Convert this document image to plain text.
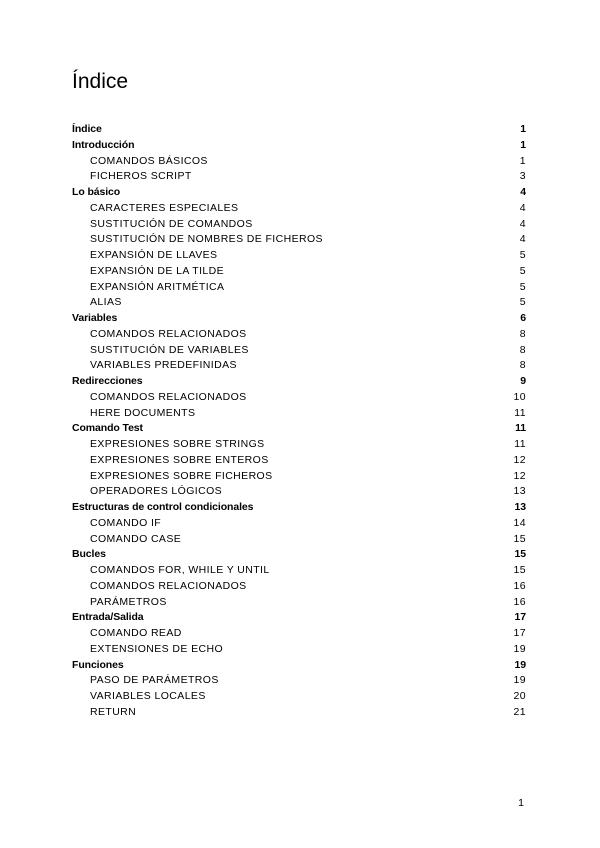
Índice
Índice	1
Introducción	1
COMANDOS BÁSICOS	1
FICHEROS SCRIPT	3
Lo básico	4
CARACTERES ESPECIALES	4
SUSTITUCIÓN DE COMANDOS	4
SUSTITUCIÓN DE NOMBRES DE FICHEROS	4
EXPANSIÓN DE LLAVES	5
EXPANSIÓN DE LA TILDE	5
EXPANSIÓN ARITMÉTICA	5
ALIAS	5
Variables	6
COMANDOS RELACIONADOS	8
SUSTITUCIÓN DE VARIABLES	8
VARIABLES PREDEFINIDAS	8
Redirecciones	9
COMANDOS RELACIONADOS	10
HERE DOCUMENTS	11
Comando Test	11
EXPRESIONES SOBRE STRINGS	11
EXPRESIONES SOBRE ENTEROS	12
EXPRESIONES SOBRE FICHEROS	12
OPERADORES LÓGICOS	13
Estructuras de control condicionales	13
COMANDO IF	14
COMANDO CASE	15
Bucles	15
COMANDOS FOR, WHILE Y UNTIL	15
COMANDOS RELACIONADOS	16
PARÁMETROS	16
Entrada/Salida	17
COMANDO READ	17
EXTENSIONES DE ECHO	19
Funciones	19
PASO DE PARÁMETROS	19
VARIABLES LOCALES	20
RETURN	21
1
